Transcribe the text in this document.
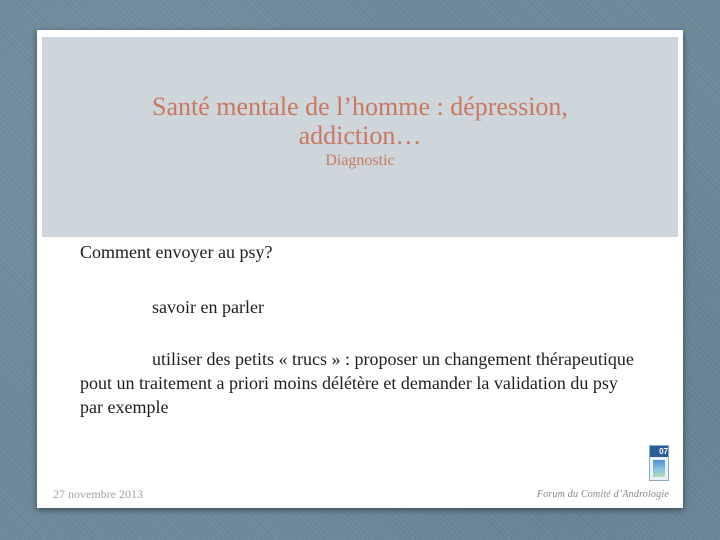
Santé mentale de l’homme : dépression,
addiction…
Diagnostic

Comment envoyer au psy?

savoir en parler

utiliser des petits « trucs » : proposer un changement thérapeutique pout un traitement a priori moins délétère et demander la validation du psy par exemple

07
27 novembre 2013	Forum du Comité d’Andrologie
